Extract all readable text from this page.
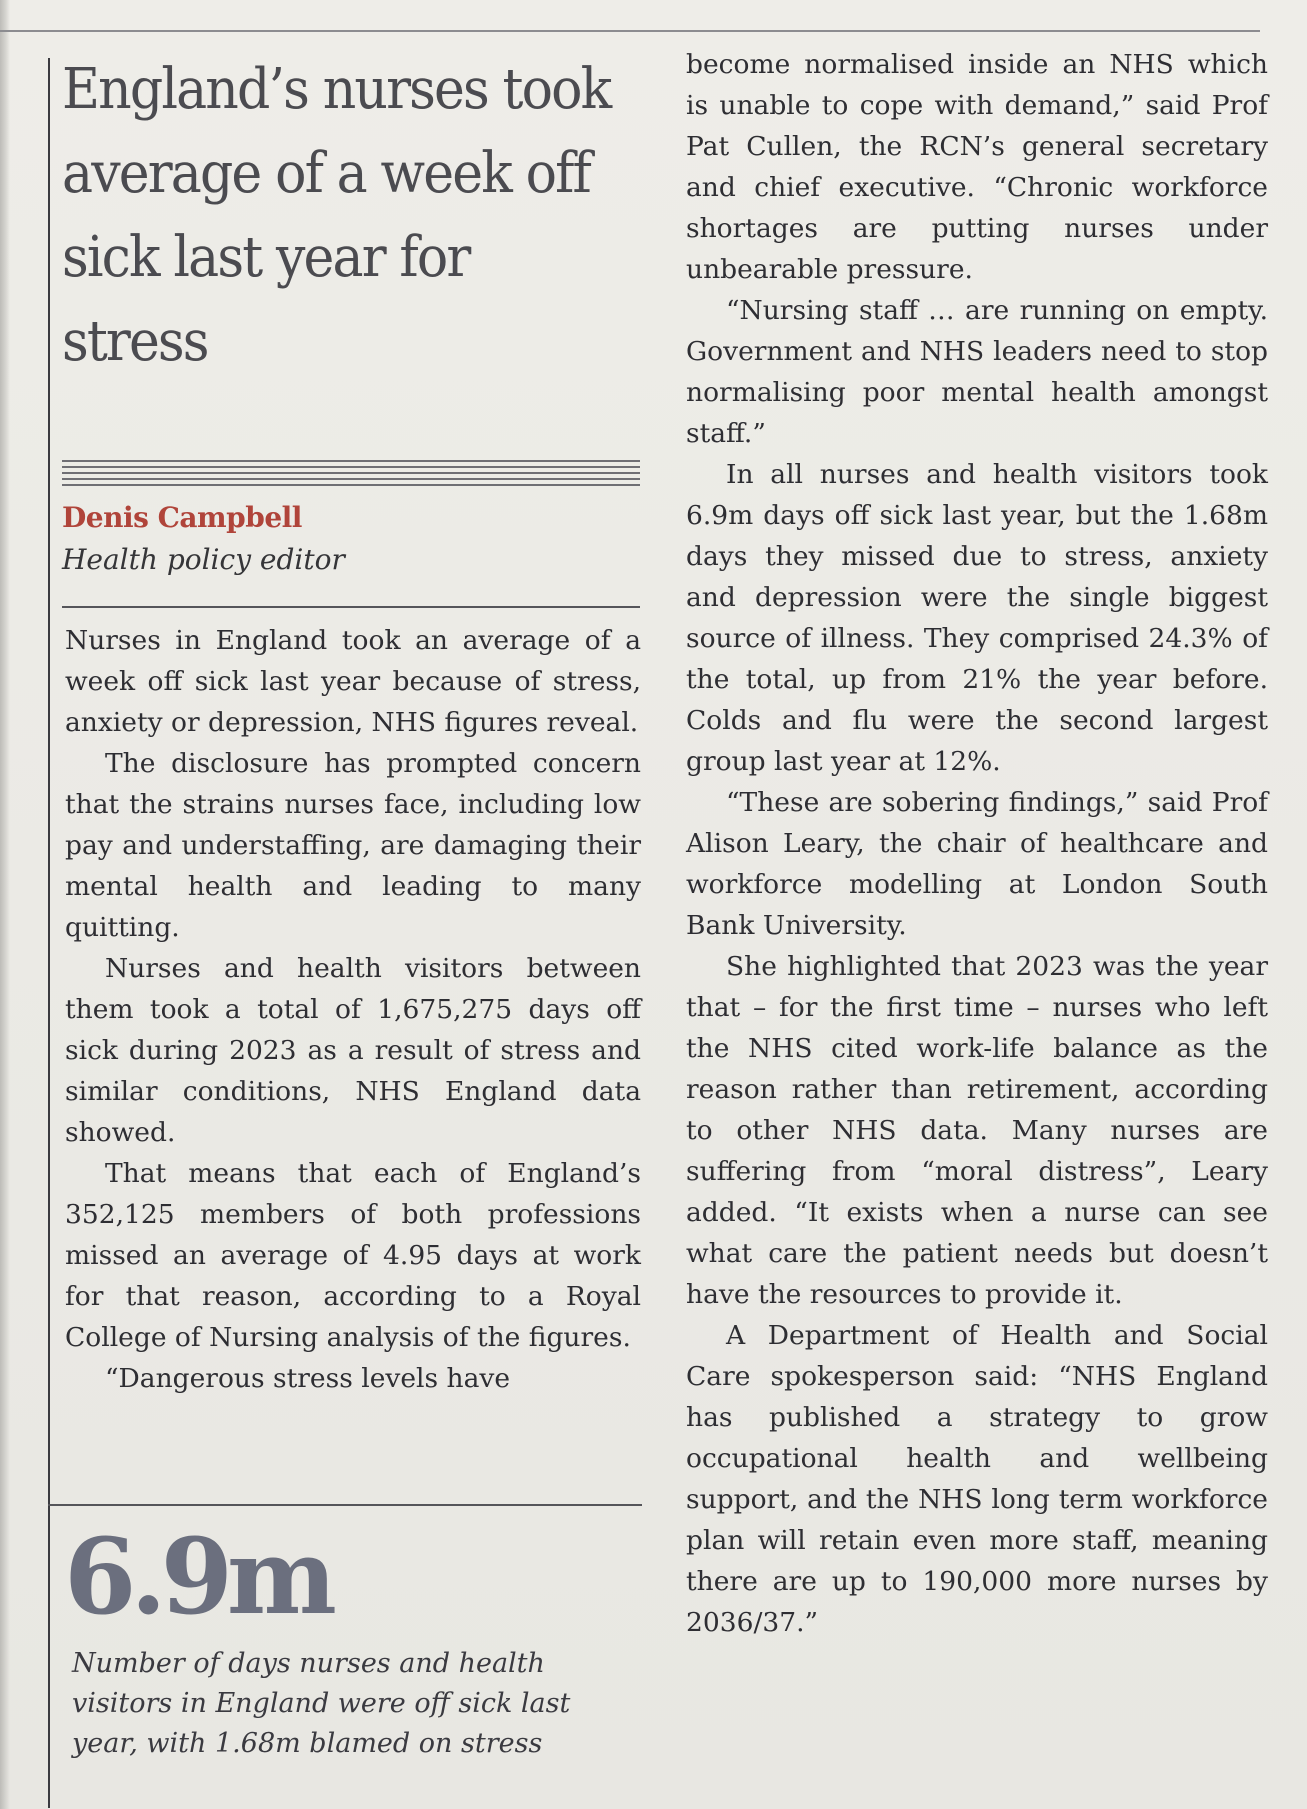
England’s nurses took average of a week off sick last year for stress
Denis Campbell
Health policy editor

Nurses in England took an average of a week off sick last year because of stress, anxiety or depression, NHS figures reveal.

The disclosure has prompted concern that the strains nurses face, including low pay and understaffing, are damaging their mental health and leading to many quitting.

Nurses and health visitors between them took a total of 1,675,275 days off sick during 2023 as a result of stress and similar conditions, NHS England data showed.

That means that each of England’s 352,125 members of both professions missed an average of 4.95 days at work for that reason, according to a Royal College of Nursing analysis of the figures.

“Dangerous stress levels have

6.9m
Number of days nurses and health visitors in England were off sick last year, with 1.68m blamed on stress

become normalised inside an NHS which is unable to cope with demand,” said Prof Pat Cullen, the RCN’s general secretary and chief executive. “Chronic workforce shortages are putting nurses under unbearable pressure.

“Nursing staff … are running on empty. Government and NHS leaders need to stop normalising poor mental health amongst staff.”

In all nurses and health visitors took 6.9m days off sick last year, but the 1.68m days they missed due to stress, anxiety and depression were the single biggest source of illness. They comprised 24.3% of the total, up from 21% the year before. Colds and flu were the second largest group last year at 12%.

“These are sobering findings,” said Prof Alison Leary, the chair of healthcare and workforce modelling at London South Bank University.

She highlighted that 2023 was the year that – for the first time – nurses who left the NHS cited work-life balance as the reason rather than retirement, according to other NHS data. Many nurses are suffering from “moral distress”, Leary added. “It exists when a nurse can see what care the patient needs but doesn’t have the resources to provide it.

A Department of Health and Social Care spokesperson said: “NHS England has published a strategy to grow occupational health and wellbeing support, and the NHS long term workforce plan will retain even more staff, meaning there are up to 190,000 more nurses by 2036/37.”
